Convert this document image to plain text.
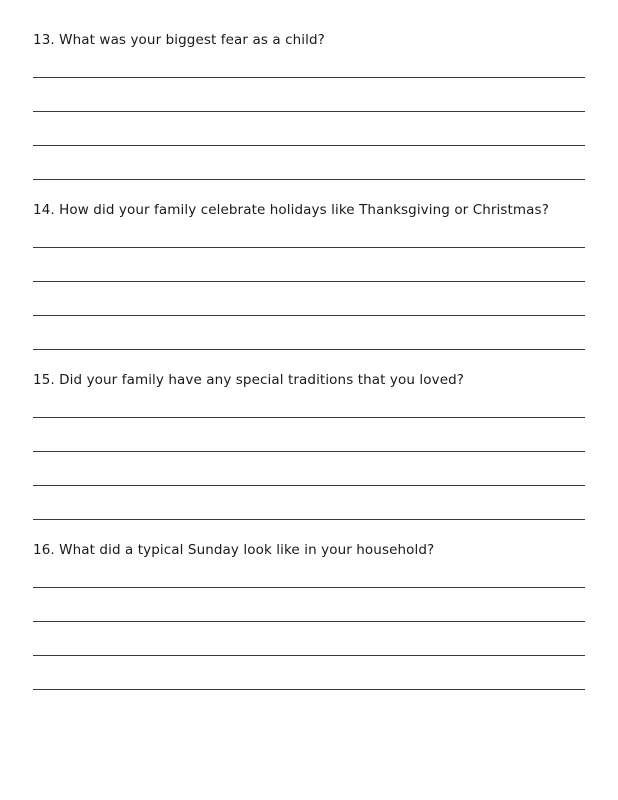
13. What was your biggest fear as a child?
14. How did your family celebrate holidays like Thanksgiving or Christmas?
15. Did your family have any special traditions that you loved?
16. What did a typical Sunday look like in your household?
